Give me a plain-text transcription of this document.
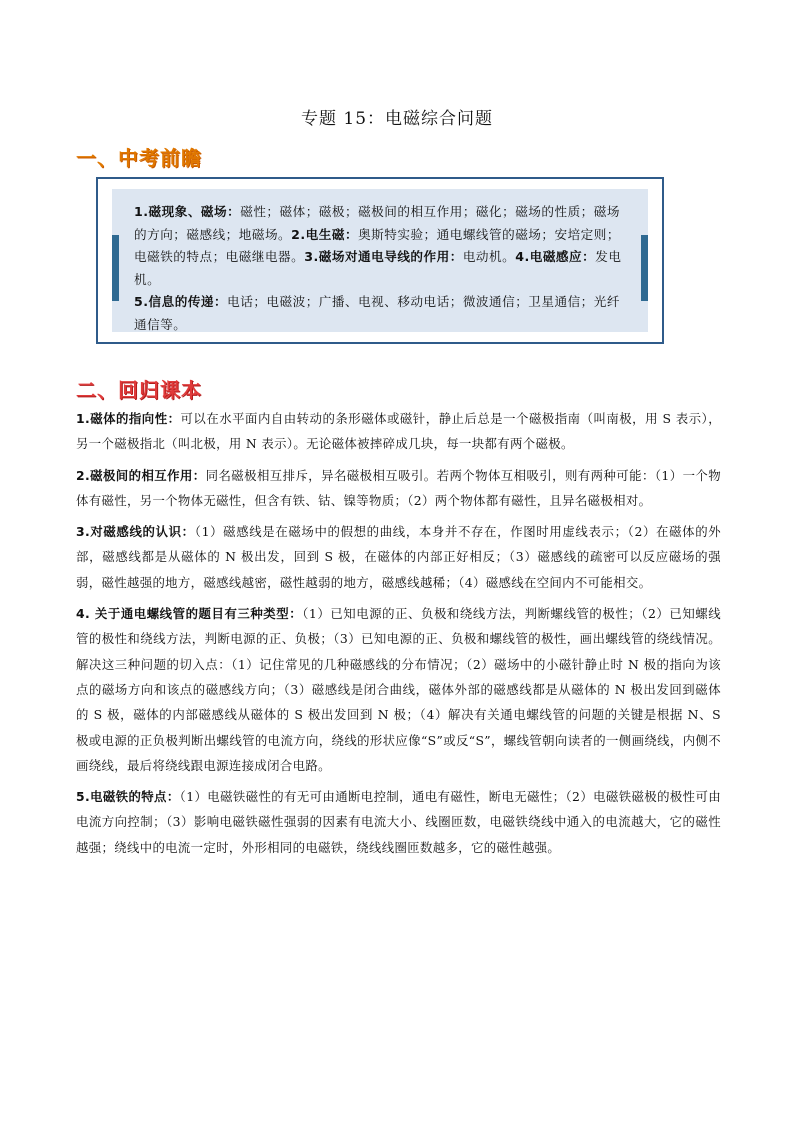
专题 15：电磁综合问题
一、中考前瞻
1.磁现象、磁场：磁性；磁体；磁极；磁极间的相互作用；磁化；磁场的性质；磁场的方向；磁感线；地磁场。2.电生磁：奥斯特实验；通电螺线管的磁场；安培定则；电磁铁的特点；电磁继电器。3.磁场对通电导线的作用：电动机。4.电磁感应：发电机。
5.信息的传递：电话；电磁波；广播、电视、移动电话；微波通信；卫星通信；光纤通信等。
二、回归课本

1.磁体的指向性：可以在水平面内自由转动的条形磁体或磁针，静止后总是一个磁极指南（叫南极，用 S 表示），另一个磁极指北（叫北极，用 N 表示）。无论磁体被摔碎成几块，每一块都有两个磁极。

2.磁极间的相互作用：同名磁极相互排斥，异名磁极相互吸引。若两个物体互相吸引，则有两种可能：（1）一个物体有磁性，另一个物体无磁性，但含有铁、钴、镍等物质；（2）两个物体都有磁性，且异名磁极相对。

3.对磁感线的认识：（1）磁感线是在磁场中的假想的曲线，本身并不存在，作图时用虚线表示；（2）在磁体的外部，磁感线都是从磁体的 N 极出发，回到 S 极，在磁体的内部正好相反；（3）磁感线的疏密可以反应磁场的强弱，磁性越强的地方，磁感线越密，磁性越弱的地方，磁感线越稀；（4）磁感线在空间内不可能相交。

4. 关于通电螺线管的题目有三种类型：（1）已知电源的正、负极和绕线方法，判断螺线管的极性；（2）已知螺线管的极性和绕线方法，判断电源的正、负极；（3）已知电源的正、负极和螺线管的极性，画出螺线管的绕线情况。解决这三种问题的切入点：（1）记住常见的几种磁感线的分布情况；（2）磁场中的小磁针静止时 N 极的指向为该点的磁场方向和该点的磁感线方向；（3）磁感线是闭合曲线，磁体外部的磁感线都是从磁体的 N 极出发回到磁体的 S 极，磁体的内部磁感线从磁体的 S 极出发回到 N 极；（4）解决有关通电螺线管的问题的关键是根据 N、S 极或电源的正负极判断出螺线管的电流方向，绕线的形状应像“S”或反“S”，螺线管朝向读者的一侧画绕线，内侧不画绕线，最后将绕线跟电源连接成闭合电路。

5.电磁铁的特点：（1）电磁铁磁性的有无可由通断电控制，通电有磁性，断电无磁性；（2）电磁铁磁极的极性可由电流方向控制；（3）影响电磁铁磁性强弱的因素有电流大小、线圈匝数，电磁铁绕线中通入的电流越大，它的磁性越强；绕线中的电流一定时，外形相同的电磁铁，绕线线圈匝数越多，它的磁性越强。
